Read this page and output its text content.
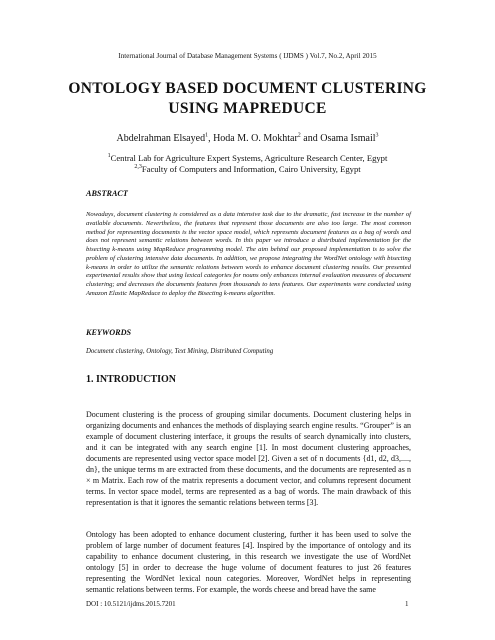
International Journal of Database Management Systems ( IJDMS ) Vol.7, No.2, April 2015
ONTOLOGY BASED DOCUMENT CLUSTERING
USING MAPREDUCE
Abdelrahman Elsayed$^1$, Hoda M. O. Mokhtar$^2$ and Osama Ismail$^3$
$^1$Central Lab for Agriculture Expert Systems, Agriculture Research Center, Egypt
$^{2,3}$Faculty of Computers and Information, Cairo University, Egypt
ABSTRACT
Nowadays, document clustering is considered as a data intensive task due to the dramatic, fast increase in the number of available documents. Nevertheless, the features that represent those documents are also too large. The most common method for representing documents is the vector space model, which represents document features as a bag of words and does not represent semantic relations between words. In this paper we introduce a distributed implementation for the bisecting k-means using MapReduce programming model. The aim behind our proposed implementation is to solve the problem of clustering intensive data documents. In addition, we propose integrating the WordNet ontology with bisecting k-means in order to utilize the semantic relations between words to enhance document clustering results. Our presented experimental results show that using lexical categories for nouns only enhances internal evaluation measures of document clustering; and decreases the documents features from thousands to tens features. Our experiments were conducted using Amazon Elastic MapReduce to deploy the Bisecting k-means algorithm.
KEYWORDS
Document clustering, Ontology, Text Mining, Distributed Computing
1. INTRODUCTION
Document clustering is the process of grouping similar documents. Document clustering helps in organizing documents and enhances the methods of displaying search engine results. “Grouper” is an example of document clustering interface, it groups the results of search dynamically into clusters, and it can be integrated with any search engine [1]. In most document clustering approaches, documents are represented using vector space model [2]. Given a set of n documents {d1, d2, d3,...., dn}, the unique terms m are extracted from these documents, and the documents are represented as n × m Matrix. Each row of the matrix represents a document vector, and columns represent document terms. In vector space model, terms are represented as a bag of words. The main drawback of this representation is that it ignores the semantic relations between terms [3].
Ontology has been adopted to enhance document clustering, further it has been used to solve the problem of large number of document features [4]. Inspired by the importance of ontology and its capability to enhance document clustering, in this research we investigate the use of WordNet ontology [5] in order to decrease the huge volume of document features to just 26 features representing the WordNet lexical noun categories. Moreover, WordNet helps in representing semantic relations between terms. For example, the words cheese and bread have the same
DOI : 10.5121/ijdms.2015.7201	1
